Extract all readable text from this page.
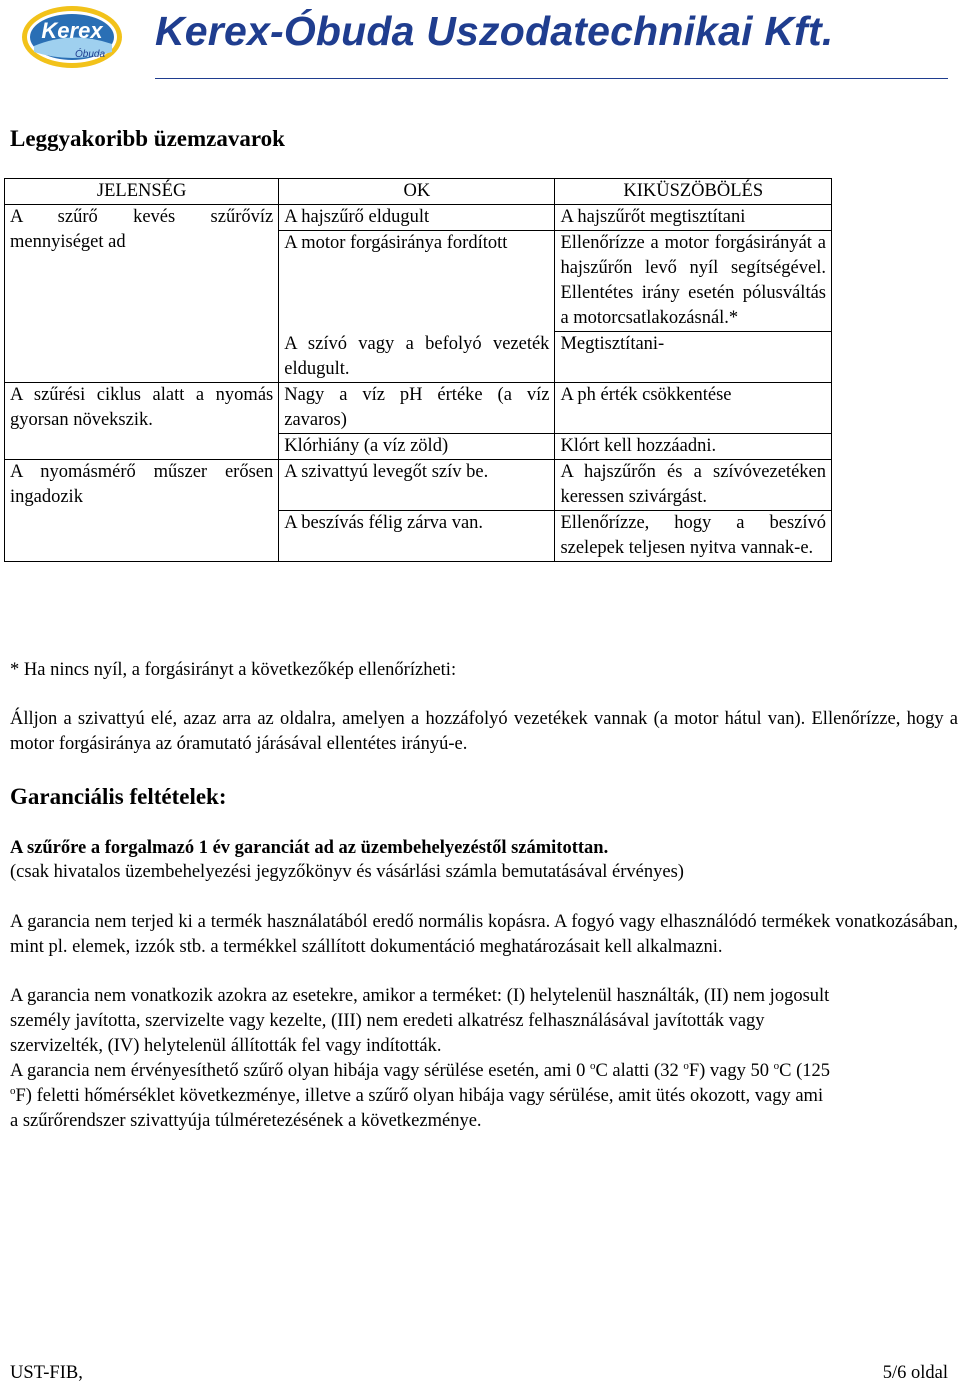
Kerex
Óbuda
Kerex-Óbuda Uszodatechnikai Kft.
Leggyakoribb üzemzavarok
JELENSÉG	OK	KIKÜSZÖBÖLÉS
A szűrő kevés szűrővíz mennyiséget ad	A hajszűrő eldugult	A hajszűrőt megtisztítani
	A motor forgásiránya fordított	Ellenőrízze a motor forgásirányát a hajszűrőn levő nyíl segítségével. Ellentétes irány esetén pólusváltás a motorcsatlakozásnál.*
	A szívó vagy a befolyó vezeték eldugult.	Megtisztítani-
A szűrési ciklus alatt a nyomás gyorsan növekszik.	Nagy a víz pH értéke (a víz zavaros)	A ph érték csökkentése
	Klórhiány (a víz zöld)	Klórt kell hozzáadni.
A nyomásmérő műszer erősen ingadozik	A szivattyú levegőt szív be.	A hajszűrőn és a szívóvezetéken keressen szivárgást.
	A beszívás félig zárva van.	Ellenőrízze, hogy a beszívó szelepek teljesen nyitva vannak-e.
* Ha nincs nyíl, a forgásirányt a következőkép ellenőrízheti:
Álljon a szivattyú elé, azaz arra az oldalra, amelyen a hozzáfolyó vezetékek vannak (a motor hátul van). Ellenőrízze, hogy a motor forgásiránya az óramutató járásával ellentétes irányú-e.
Garanciális feltételek:
A szűrőre a forgalmazó 1 év garanciát ad az üzembehelyezéstől számitottan.
(csak hivatalos üzembehelyezési jegyzőkönyv és vásárlási számla bemutatásával érvényes)
A garancia nem terjed ki a termék használatából eredő normális kopásra. A fogyó vagy elhasználódó termékek vonatkozásában, mint pl. elemek, izzók stb. a termékkel szállított dokumentáció meghatározásait kell alkalmazni.
A garancia nem vonatkozik azokra az esetekre, amikor a terméket: (I) helytelenül használták, (II) nem jogosult személy javította, szervizelte vagy kezelte, (III) nem eredeti alkatrész felhasználásával javították vagy szervizelték, (IV) helytelenül állították fel vagy indították.
A garancia nem érvényesíthető szűrő olyan hibája vagy sérülése esetén, ami 0 $^o$C alatti (32 $^o$F) vagy 50 $^o$C (125 $^o$F) feletti hőmérséklet következménye, illetve a szűrő olyan hibája vagy sérülése, amit ütés okozott, vagy ami a szűrőrendszer szivattyúja túlméretezésének a következménye.
UST-FIB,	5/6 oldal
